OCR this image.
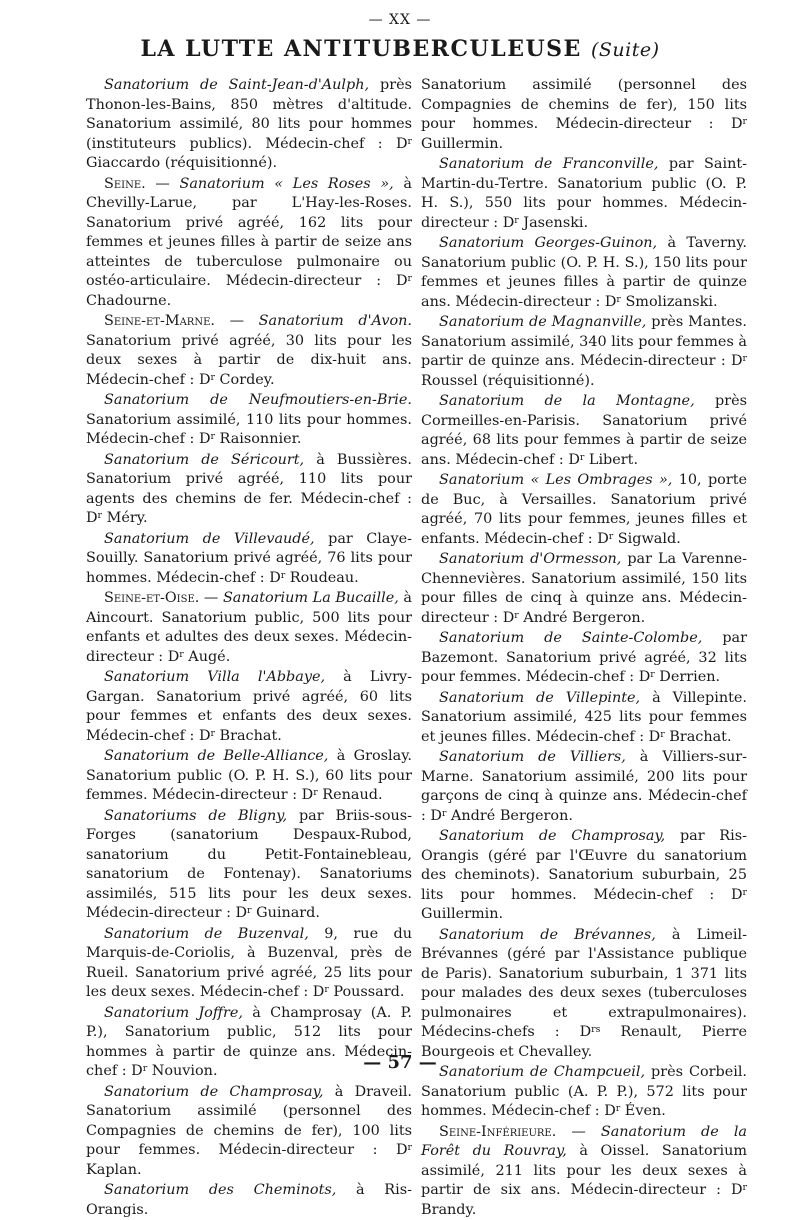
— XX —
LA LUTTE ANTITUBERCULEUSE (Suite)

Sanatorium de Saint-Jean-d'Aulph, près Thonon-les-Bains, 850 mètres d'altitude. Sanatorium assimilé, 80 lits pour hommes (instituteurs publics). Médecin-chef : $D^r$ Giaccardo (réquisitionné).

Seine. — Sanatorium « Les Roses », à Chevilly-Larue, par L'Hay-les-Roses. Sanatorium privé agréé, 162 lits pour femmes et jeunes filles à partir de seize ans atteintes de tuberculose pulmonaire ou ostéo-articulaire. Médecin-directeur : $D^r$ Chadourne.

Seine-et-Marne. — Sanatorium d'Avon. Sanatorium privé agréé, 30 lits pour les deux sexes à partir de dix-huit ans. Médecin-chef : $D^r$ Cordey.

Sanatorium de Neufmoutiers-en-Brie. Sanatorium assimilé, 110 lits pour hommes. Médecin-chef : $D^r$ Raisonnier.

Sanatorium de Séricourt, à Bussières. Sanatorium privé agréé, 110 lits pour agents des chemins de fer. Médecin-chef : $D^r$ Méry.

Sanatorium de Villevaudé, par Claye-Souilly. Sanatorium privé agréé, 76 lits pour hommes. Médecin-chef : $D^r$ Roudeau.

Seine-et-Oise. — Sanatorium La Bucaille, à Aincourt. Sanatorium public, 500 lits pour enfants et adultes des deux sexes. Médecin-directeur : $D^r$ Augé.

Sanatorium Villa l'Abbaye, à Livry-Gargan. Sanatorium privé agréé, 60 lits pour femmes et enfants des deux sexes. Médecin-chef : $D^r$ Brachat.

Sanatorium de Belle-Alliance, à Groslay. Sanatorium public (O. P. H. S.), 60 lits pour femmes. Médecin-directeur : $D^r$ Renaud.

Sanatoriums de Bligny, par Briis-sous-Forges (sanatorium Despaux-Rubod, sanatorium du Petit-Fontainebleau, sanatorium de Fontenay). Sanatoriums assimilés, 515 lits pour les deux sexes. Médecin-directeur : $D^r$ Guinard.

Sanatorium de Buzenval, 9, rue du Marquis-de-Coriolis, à Buzenval, près de Rueil. Sanatorium privé agréé, 25 lits pour les deux sexes. Médecin-chef : $D^r$ Poussard.

Sanatorium Joffre, à Champrosay (A. P. P.), Sanatorium public, 512 lits pour hommes à partir de quinze ans. Médecin-chef : $D^r$ Nouvion.

Sanatorium de Champrosay, à Draveil. Sanatorium assimilé (personnel des Compagnies de chemins de fer), 100 lits pour femmes. Médecin-directeur : $D^r$ Kaplan.

Sanatorium des Cheminots, à Ris-Orangis.

Sanatorium assimilé (personnel des Compagnies de chemins de fer), 150 lits pour hommes. Médecin-directeur : $D^r$ Guillermin.

Sanatorium de Franconville, par Saint-Martin-du-Tertre. Sanatorium public (O. P. H. S.), 550 lits pour hommes. Médecin-directeur : $D^r$ Jasenski.

Sanatorium Georges-Guinon, à Taverny. Sanatorium public (O. P. H. S.), 150 lits pour femmes et jeunes filles à partir de quinze ans. Médecin-directeur : $D^r$ Smolizanski.

Sanatorium de Magnanville, près Mantes. Sanatorium assimilé, 340 lits pour femmes à partir de quinze ans. Médecin-directeur : $D^r$ Roussel (réquisitionné).

Sanatorium de la Montagne, près Cormeilles-en-Parisis. Sanatorium privé agréé, 68 lits pour femmes à partir de seize ans. Médecin-chef : $D^r$ Libert.

Sanatorium « Les Ombrages », 10, porte de Buc, à Versailles. Sanatorium privé agréé, 70 lits pour femmes, jeunes filles et enfants. Médecin-chef : $D^r$ Sigwald.

Sanatorium d'Ormesson, par La Varenne-Chennevières. Sanatorium assimilé, 150 lits pour filles de cinq à quinze ans. Médecin-directeur : $D^r$ André Bergeron.

Sanatorium de Sainte-Colombe, par Bazemont. Sanatorium privé agréé, 32 lits pour femmes. Médecin-chef : $D^r$ Derrien.

Sanatorium de Villepinte, à Villepinte. Sanatorium assimilé, 425 lits pour femmes et jeunes filles. Médecin-chef : $D^r$ Brachat.

Sanatorium de Villiers, à Villiers-sur-Marne. Sanatorium assimilé, 200 lits pour garçons de cinq à quinze ans. Médecin-chef : $D^r$ André Bergeron.

Sanatorium de Champrosay, par Ris-Orangis (géré par l'Œuvre du sanatorium des cheminots). Sanatorium suburbain, 25 lits pour hommes. Médecin-chef : $D^r$ Guillermin.

Sanatorium de Brévannes, à Limeil-Brévannes (géré par l'Assistance publique de Paris). Sanatorium suburbain, 1 371 lits pour malades des deux sexes (tuberculoses pulmonaires et extrapulmonaires). Médecins-chefs : $D^{rs}$ Renault, Pierre Bourgeois et Chevalley.

Sanatorium de Champcueil, près Corbeil. Sanatorium public (A. P. P.), 572 lits pour hommes. Médecin-chef : $D^r$ Éven.

Seine-Inférieure. — Sanatorium de la Forêt du Rouvray, à Oissel. Sanatorium assimilé, 211 lits pour les deux sexes à partir de six ans. Médecin-directeur : $D^r$ Brandy.

— 57 —
